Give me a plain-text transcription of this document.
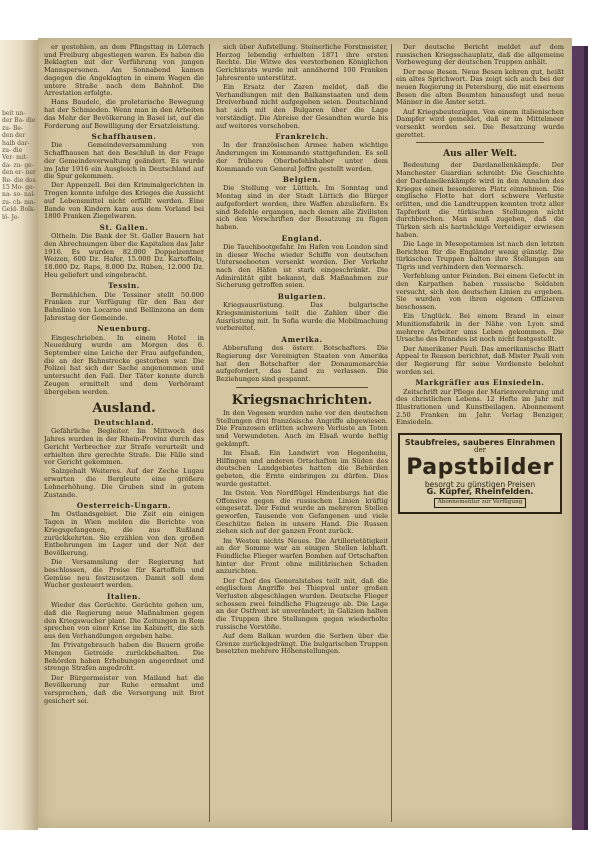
beit un- der Ba- die zu- Be- den der halb dar- zu- die Ver- mit- da- zu- ge- den er- ner Re- die des 15 Mo- ge- na- so- nal- zu- ch- mn- Geld- Bolk- lö- Je-

er gestohlen, an dem Pfingsttag in Lörrach und Freiburg abgestiegen waren. Es haben die Beklagten mit der Verführung von jungen Mannspersonen. Am Sonnabend kamen dagegen die Angeklagten in einem Wagen die untere Straße nach dem Bahnhof. Die Arrestation erfolgte.

Hans Baudelc, die proletarische Bewegung hat der Schmieden. Wenn man in den Arbeiten das Mehr der Bevölkerung in Basel ist, auf die Forderung auf Bewilligung der Ersatzleistung.

Schaffhausen.

Die Gemeindeversammlung von Schaffhausen hat den Beschluß in der Frage der Gemeindeverwaltung geändert. Es wurde im Jahr 1916 ein Ausgleich in Deutschland auf die Spur gekommen.

Der Appenzell. Bei den Kriminalgerichten in Trogen konnte infolge des Krieges die Aussicht auf Lebensmittel nicht erfüllt werden. Eine Bande von Kindern kam aus dem Vorland bei 1800 Franken Ziegelwaren.

St. Gallen.

Olthein. Die Bank der St. Galler Bauern hat den Abrechnungen über die Kapitalien das Jahr 1916. Es wurden 82.000 Doppelzentner Weizen, 600 Dz. Hafer, 15.000 Dz. Kartoffeln, 18.000 Dz. Raps, 8.000 Dz. Rüben, 12.000 Dz. Heu geliefert und eingebracht.

Tessin.

Bermählchen. Die Tessiner stellt 50.000 Franken zur Verfügung für den Bau der Bahnlinie von Locarno und Bellinzona an dem Jahrestag der Gemeinde.

Neuenburg.

Eingeschrieben. In einem Hotel in Neuenburg wurde am Morgen des 6. September eine Leiche der Frau aufgefunden, die an der Bahnstrecke gestorben war. Die Polizei hat sich der Sache angenommen und untersucht den Fall. Der Täter konnte durch Zeugen ermittelt und dem Verhöramt übergeben werden.

Ausland.
Deutschland.

Gefährliche Begleiter. Im Mittwoch des Jahres wurden in der Rhein-Provinz durch das Gericht Verbrecher zur Strafe verurteilt und erhielten ihre gerechte Strafe. Die Fälle sind vor Gericht gekommen.

Salzgehalt Weiteres. Auf der Zeche Lugau erwarten die Bergleute eine größere Lohnerhöhung. Die Gruben sind in gutem Zustande.

Oesterreich-Ungarn.

Im Ostlandsgebiet. Die Zeit ein einigen Tagen in Wien melden die Berichte von Kriegsgefangenen, die aus Rußland zurückkehrten. Sie erzählen von den großen Entbehrungen im Lager und der Not der Bevölkerung.

Die Versammlung der Regierung hat beschlossen, die Preise für Kartoffeln und Gemüse neu festzusetzen. Damit soll dem Wucher gesteuert werden.

Italien.

Wieder das Gerüchte. Gerüchte gehen um, daß die Regierung neue Maßnahmen gegen den Kriegswucher plant. Die Zeitungen in Rom sprechen von einer Krise im Kabinett, die sich aus den Verhandlungen ergeben habe.

Im Privatgebrauch haben die Bauern große Mengen Getreide zurückbehalten. Die Behörden haben Erhebungen angeordnet und strenge Strafen angedroht.

Der Bürgermeister von Mailand hat die Bevölkerung zur Ruhe ermahnt und versprochen, daß die Versorgung mit Brot gesichert sei.

sich über Aufstellung. Steinerliche Forstmeister, Herzog lebendig erhielten 1871 ihre ersten Rechte. Die Witwe des verstorbenen Königlichen Gerichtsrats wurde mit annähernd 100 Franken Jahresrente unterstützt.

Ein Ersatz der Zaren meldet, daß die Verhandlungen mit den Balkanstaaten und dem Dreiverband nicht aufgegeben seien. Deutschland hat sich mit den Bulgaren über die Lage verständigt. Die Abreise der Gesandten wurde bis auf weiteres verschoben.

Frankreich.

In der französischen Armee haben wichtige Änderungen im Kommando stattgefunden. Es soll der frühere Oberbefehlshaber unter dem Kommando von General Joffre gestellt werden.

Belgien.

Die Stellung vor Lüttich. Im Sonntag und Montag sind in der Stadt Lüttich die Bürger aufgefordert worden, ihre Waffen abzuliefern. Es sind Befehle ergangen, nach denen alle Zivilisten sich den Vorschriften der Besatzung zu fügen haben.

England.

Die Tauchbootgefahr. Im Hafen von London sind in dieser Woche wieder Schiffe von deutschen Unterseebooten versenkt worden. Der Verkehr nach den Häfen ist stark eingeschränkt. Die Admiralität gibt bekannt, daß Maßnahmen zur Sicherung getroffen seien.

Bulgarien.

Kriegsausrüstung. Das bulgarische Kriegsministerium teilt die Zahlen über die Ausrüstung mit. In Sofia wurde die Mobilmachung vorbereitet.

Amerika.

Abberufung des österr. Botschafters. Die Regierung der Vereinigten Staaten von Amerika hat den Botschafter der Donaumonarchie aufgefordert, das Land zu verlassen. Die Beziehungen sind gespannt.

Kriegsnachrichten.

In den Vogesen wurden nahe vor den deutschen Stellungen drei französische Angriffe abgewiesen. Die Franzosen erlitten schwere Verluste an Toten und Verwundeten. Auch im Elsaß wurde heftig gekämpft.

Im Elsaß. Ein Landwirt von Hegenheim, Hilfingen und anderen Ortschaften im Süden des deutschen Landgebietes hatten die Behörden gebeten, die Ernte einbringen zu dürfen. Dies wurde gestattet.

Im Osten. Von Nordflügel Hindenburgs hat die Offensive gegen die russischen Linien kräftig eingesetzt. Der Feind wurde an mehreren Stellen geworfen, Tausende von Gefangenen und viele Geschütze fielen in unsere Hand. Die Russen ziehen sich auf der ganzen Front zurück.

Im Westen nichts Neues. Die Artillerietätigkeit an der Somme war an einigen Stellen lebhaft. Feindliche Flieger warfen Bomben auf Ortschaften hinter der Front ohne militärischen Schaden anzurichten.

Der Chef des Generalstabes teilt mit, daß die englischen Angriffe bei Thiepval unter großen Verlusten abgeschlagen wurden. Deutsche Flieger schossen zwei feindliche Flugzeuge ab. Die Lage an der Ostfront ist unverändert; in Galizien halten die Truppen ihre Stellungen gegen wiederholte russische Vorstöße.

Auf dem Balkan wurden die Serben über die Grenze zurückgedrängt. Die bulgarischen Truppen besetzten mehrere Höhenstellungen.

Der deutsche Bericht meldet auf dem russischen Kriegsschauplatz, daß die allgemeine Vorbewegung der deutschen Truppen anhält.

Der neue Besen. Neue Besen kehren gut, heißt ein altes Sprichwort. Das zeigt sich auch bei der neuen Regierung in Petersburg, die mit eisernem Besen die alten Beamten hinausfegt und neue Männer in die Ämter setzt.

Auf Kriegsbeutezügen. Von einem italienischen Dampfer wird gemeldet, daß er im Mittelmeer versenkt worden sei. Die Besatzung wurde gerettet.

Aus aller Welt.

Bedeutung der Dardanellenkämpfe. Der Manchester Guardian schreibt: Die Geschichte der Dardanellenkämpfe wird in den Annalen des Krieges einen besonderen Platz einnehmen. Die englische Flotte hat dort schwere Verluste erlitten, und die Landtruppen konnten trotz aller Tapferkeit die türkischen Stellungen nicht durchbrechen. Man muß zugeben, daß die Türken sich als hartnäckige Verteidiger erwiesen haben.

Die Lage in Mesopotamien ist nach den letzten Berichten für die Engländer wenig günstig. Die türkischen Truppen halten ihre Stellungen am Tigris und verhindern den Vormarsch.

Verfehlung unter Feinden. Bei einem Gefecht in den Karpathen haben russische Soldaten versucht, sich den deutschen Linien zu ergeben. Sie wurden von ihren eigenen Offizieren beschossen.

Ein Unglück. Bei einem Brand in einer Munitionsfabrik in der Nähe von Lyon sind mehrere Arbeiter ums Leben gekommen. Die Ursache des Brandes ist noch nicht festgestellt.

Der Amerikaner Pauli. Das amerikanische Blatt Appeal to Reason berichtet, daß Mister Pauli von der Regierung für seine Verdienste belohnt worden sei.

Markgräfler aus Einsiedeln.

Zeitschrift zur Pflege der Marienverehrung und des christlichen Lebens. 12 Hefte im Jahr mit Illustrationen und Kunstbeilagen. Abonnement 2.50 Franken im Jahr. Verlag Benziger, Einsiedeln.

Staubfreies, sauberes Einrahmen
der
Papstbilder
besorgt zu günstigen Preisen
G. Küpfer, Rheinfelden.
Abonnementur zur Verfügung
